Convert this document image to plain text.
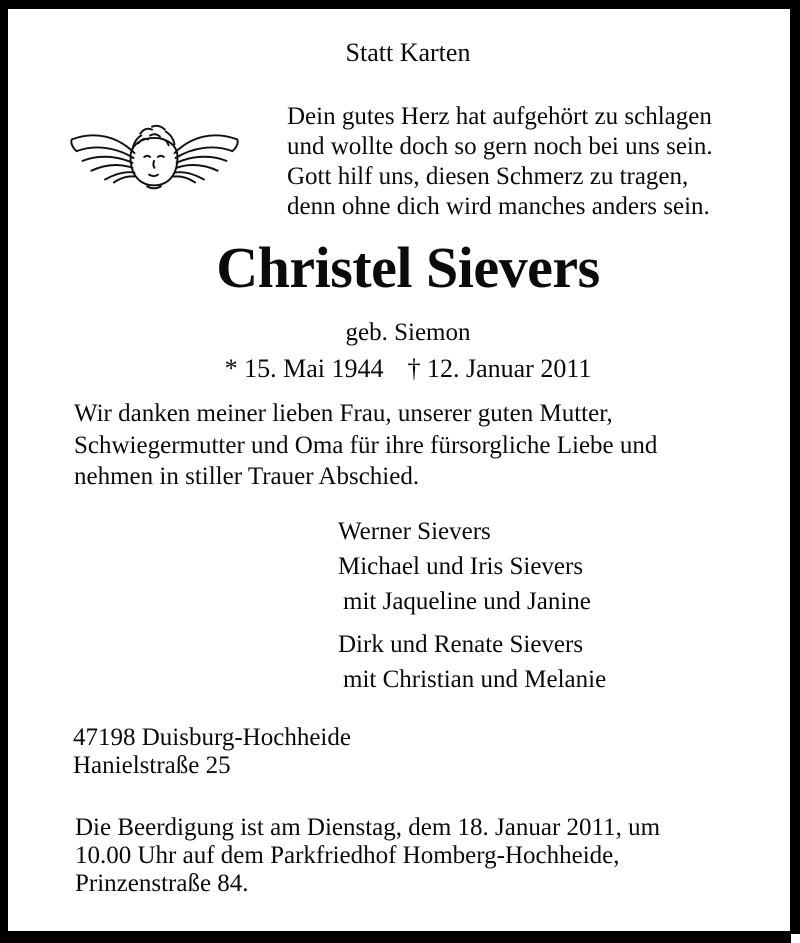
Statt Karten
Dein gutes Herz hat aufgehört zu schlagen
und wollte doch so gern noch bei uns sein.
Gott hilf uns, diesen Schmerz zu tragen,
denn ohne dich wird manches anders sein.
Christel Sievers
geb. Siemon
* 15. Mai 1944 † 12. Januar 2011
Wir danken meiner lieben Frau, unserer guten Mutter,
Schwiegermutter und Oma für ihre fürsorgliche Liebe und
nehmen in stiller Trauer Abschied.
Werner Sievers
Michael und Iris Sievers
mit Jaqueline und Janine
Dirk und Renate Sievers
mit Christian und Melanie
47198 Duisburg-Hochheide
Hanielstraße 25
Die Beerdigung ist am Dienstag, dem 18. Januar 2011, um
10.00 Uhr auf dem Parkfriedhof Homberg-Hochheide,
Prinzenstraße 84.
